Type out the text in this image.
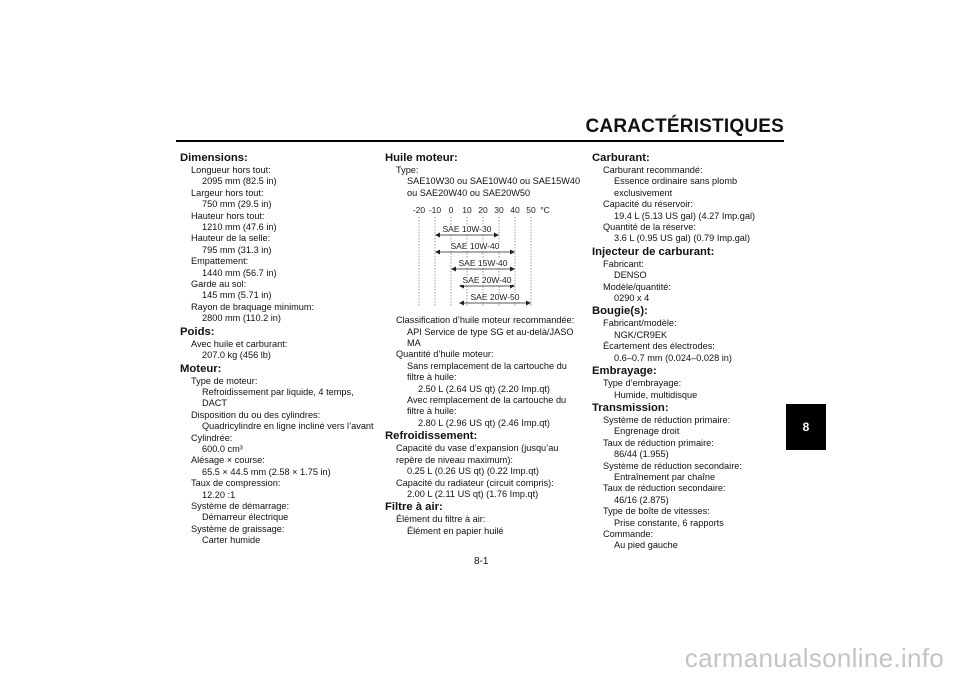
CARACTÉRISTIQUES
Dimensions:
Longueur hors tout:
2095 mm (82.5 in)
Largeur hors tout:
750 mm (29.5 in)
Hauteur hors tout:
1210 mm (47.6 in)
Hauteur de la selle:
795 mm (31.3 in)
Empattement:
1440 mm (56.7 in)
Garde au sol:
145 mm (5.71 in)
Rayon de braquage minimum:
2800 mm (110.2 in)
Poids:
Avec huile et carburant:
207.0 kg (456 lb)
Moteur:
Type de moteur:
Refroidissement par liquide, 4 temps,
DACT
Disposition du ou des cylindres:
Quadricylindre en ligne incliné vers l’avant
Cylindrée:
600.0 cm³
Alésage × course:
65.5 × 44.5 mm (2.58 × 1.75 in)
Taux de compression:
12.20 :1
Système de démarrage:
Démarreur électrique
Système de graissage:
Carter humide
Huile moteur:
Type:
SAE10W30 ou SAE10W40 ou SAE15W40
ou SAE20W40 ou SAE20W50
-20 -10 0 10 20 30 40 50 °C
SAE 10W-30
SAE 10W-40
SAE 15W-40
SAE 20W-40
SAE 20W-50
Classification d’huile moteur recommandée:
API Service de type SG et au-delà/JASO
MA
Quantité d’huile moteur:
Sans remplacement de la cartouche du
filtre à huile:
2.50 L (2.64 US qt) (2.20 Imp.qt)
Avec remplacement de la cartouche du
filtre à huile:
2.80 L (2.96 US qt) (2.46 Imp.qt)
Refroidissement:
Capacité du vase d’expansion (jusqu’au
repère de niveau maximum):
0.25 L (0.26 US qt) (0.22 Imp.qt)
Capacité du radiateur (circuit compris):
2.00 L (2.11 US qt) (1.76 Imp.qt)
Filtre à air:
Élément du filtre à air:
Élément en papier huilé
Carburant:
Carburant recommandé:
Essence ordinaire sans plomb
exclusivement
Capacité du réservoir:
19.4 L (5.13 US gal) (4.27 Imp.gal)
Quantité de la réserve:
3.6 L (0.95 US gal) (0.79 Imp.gal)
Injecteur de carburant:
Fabricant:
DENSO
Modèle/quantité:
0290 x 4
Bougie(s):
Fabricant/modèle:
NGK/CR9EK
Écartement des électrodes:
0.6–0.7 mm (0.024–0.028 in)
Embrayage:
Type d’embrayage:
Humide, multidisque
Transmission:
Système de réduction primaire:
Engrenage droit
Taux de réduction primaire:
86/44 (1.955)
Système de réduction secondaire:
Entraînement par chaîne
Taux de réduction secondaire:
46/16 (2.875)
Type de boîte de vitesses:
Prise constante, 6 rapports
Commande:
Au pied gauche
8
8-1
carmanualsonline.info
